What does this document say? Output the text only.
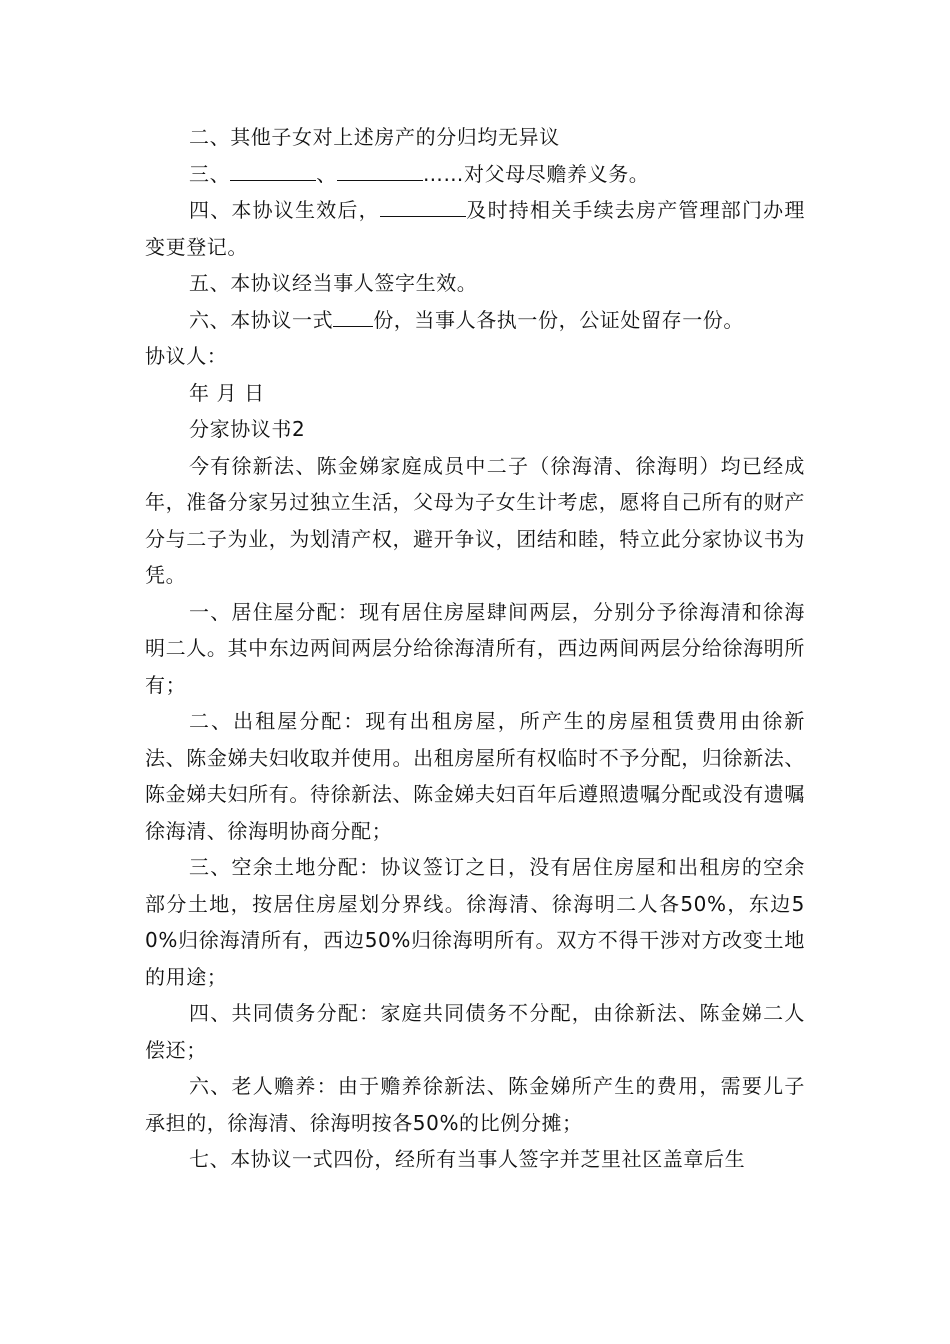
二、其他子女对上述房产的分归均无异议

三、	、	……对父母尽赡养义务。

四、本协议生效后，	及时持相关手续去房产管理部门办理变更登记。

五、本协议经当事人签字生效。

六、本协议一式 份，当事人各执一份，公证处留存一份。

协议人：

年 月 日

分家协议书2

今有徐新法、陈金娣家庭成员中二子（徐海清、徐海明）均已经成年，准备分家另过独立生活，父母为子女生计考虑，愿将自己所有的财产分与二子为业，为划清产权，避开争议，团结和睦，特立此分家协议书为凭。

一、居住屋分配：现有居住房屋肆间两层，分别分予徐海清和徐海明二人。其中东边两间两层分给徐海清所有，西边两间两层分给徐海明所有；

二、出租屋分配：现有出租房屋，所产生的房屋租赁费用由徐新法、陈金娣夫妇收取并使用。出租房屋所有权临时不予分配，归徐新法、陈金娣夫妇所有。待徐新法、陈金娣夫妇百年后遵照遗嘱分配或没有遗嘱徐海清、徐海明协商分配；

三、空余土地分配：协议签订之日，没有居住房屋和出租房的空余部分土地，按居住房屋划分界线。徐海清、徐海明二人各50%，东边50%归徐海清所有，西边50%归徐海明所有。双方不得干涉对方改变土地的用途；

四、共同债务分配：家庭共同债务不分配，由徐新法、陈金娣二人偿还；

六、老人赡养：由于赡养徐新法、陈金娣所产生的费用，需要儿子承担的，徐海清、徐海明按各50%的比例分摊；

七、本协议一式四份，经所有当事人签字并芝里社区盖章后生
